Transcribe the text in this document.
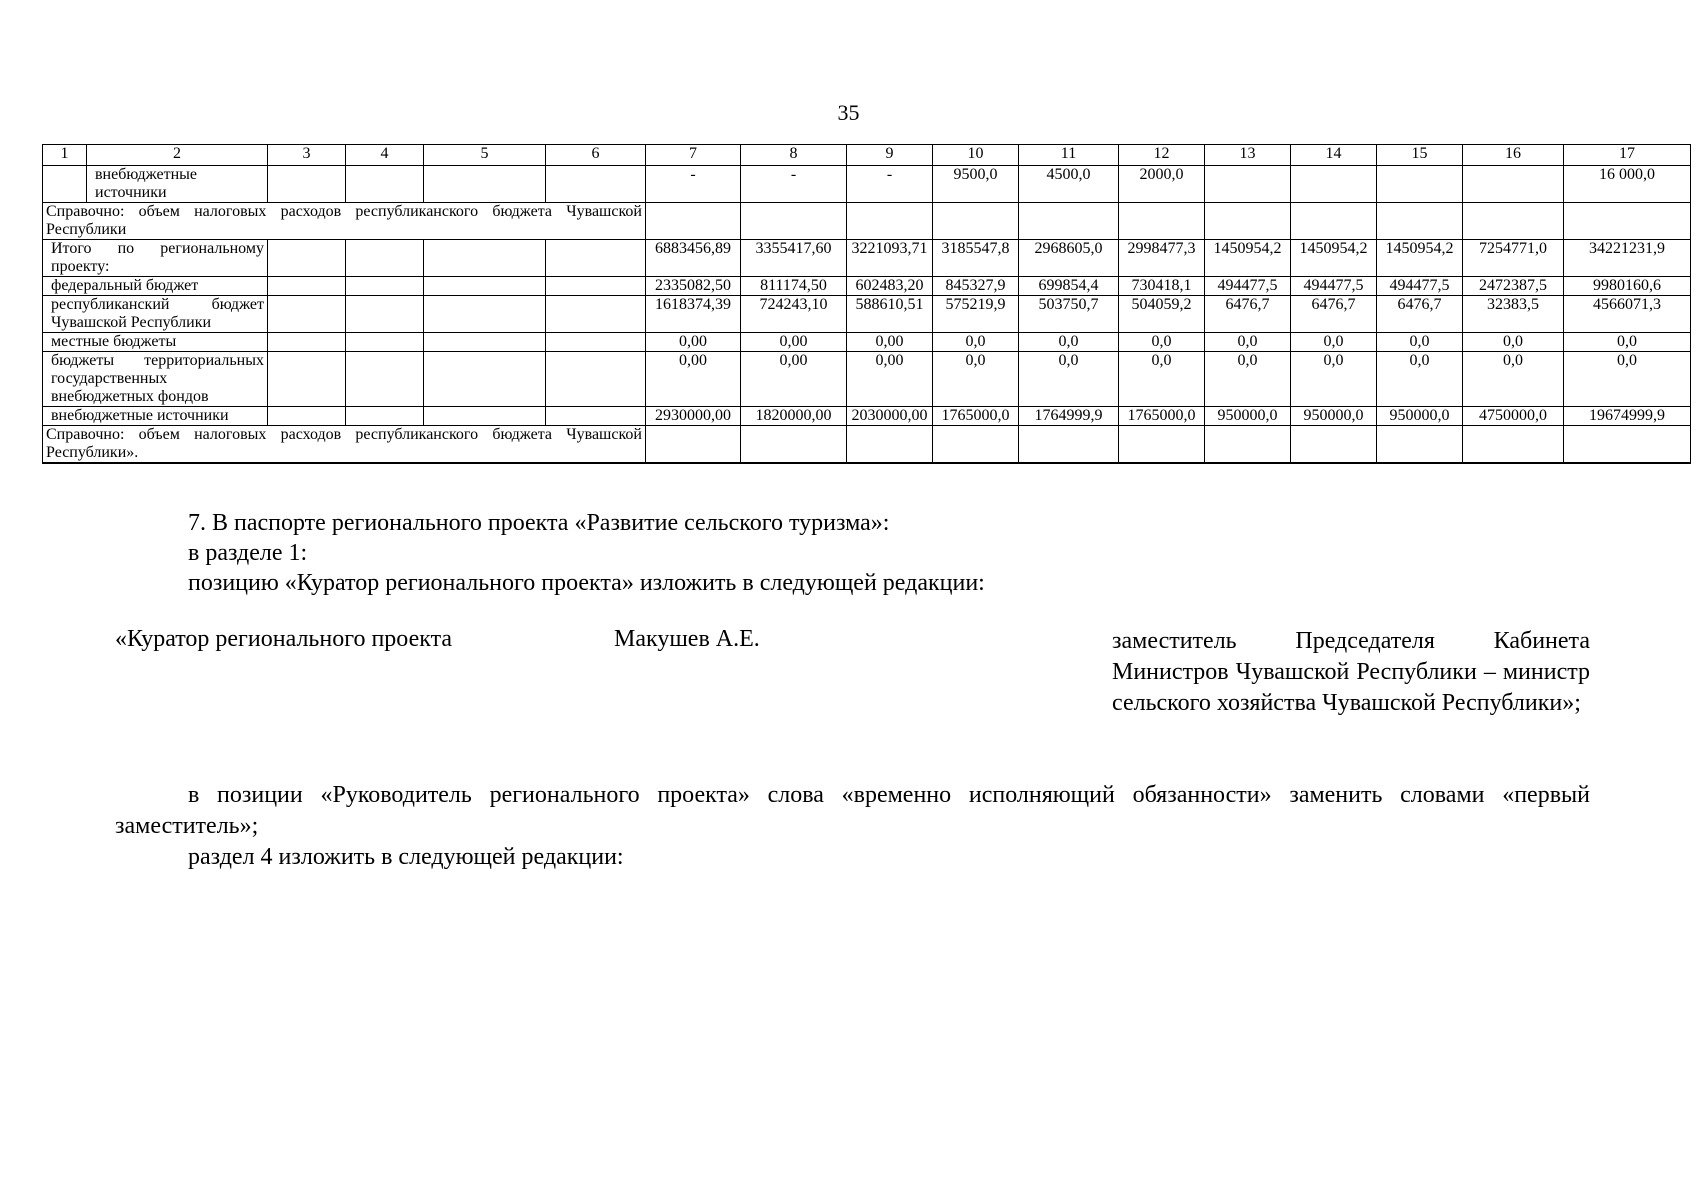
35
1	2	3	4	5	6	7	8	9	10	11	12	13	14	15	16	17
	внебюджетные источники					-	-	-	9500,0	4500,0	2000,0					16 000,0
Справочно: объем налоговых расходов республиканского бюджета Чувашской Республики																
Итого по региональному проекту:						6883456,89	3355417,60	3221093,71	3185547,8	2968605,0	2998477,3	1450954,2	1450954,2	1450954,2	7254771,0	34221231,9
федеральный бюджет						2335082,50	811174,50	602483,20	845327,9	699854,4	730418,1	494477,5	494477,5	494477,5	2472387,5	9980160,6
республиканский бюджет Чувашской Республики						1618374,39	724243,10	588610,51	575219,9	503750,7	504059,2	6476,7	6476,7	6476,7	32383,5	4566071,3
местные бюджеты						0,00	0,00	0,00	0,0	0,0	0,0	0,0	0,0	0,0	0,0	0,0
бюджеты территориальных государственных внебюджетных фондов						0,00	0,00	0,00	0,0	0,0	0,0	0,0	0,0	0,0	0,0	0,0
внебюджетные источники						2930000,00	1820000,00	2030000,00	1765000,0	1764999,9	1765000,0	950000,0	950000,0	950000,0	4750000,0	19674999,9
Справочно: объем налоговых расходов республиканского бюджета Чувашской Республики».																
7. В паспорте регионального проекта «Развитие сельского туризма»:
в разделе 1:
позицию «Куратор регионального проекта» изложить в следующей редакции:
«Куратор регионального проекта	Макушев А.Е.	заместитель Председателя Кабинета Министров Чувашской Республики – министр сельского хозяйства Чувашской Республики»;
в позиции «Руководитель регионального проекта» слова «временно исполняющий обязанности» заменить словами «первый заместитель»;
раздел 4 изложить в следующей редакции:
